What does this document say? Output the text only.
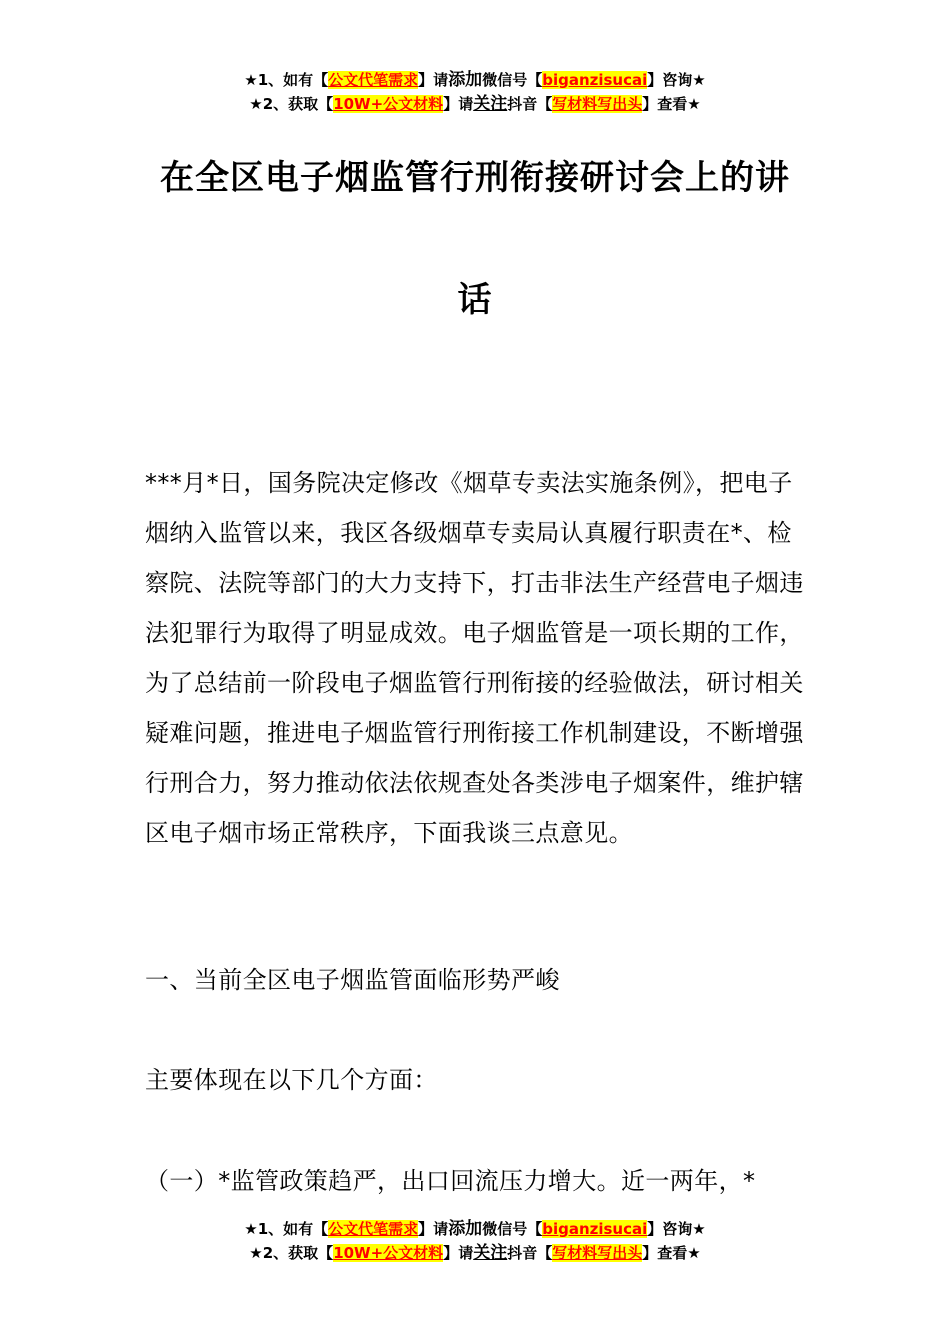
★1、如有【公文代笔需求】请添加微信号【biganzisucai】咨询★
★2、获取【10W+公文材料】请关注抖音【写材料写出头】查看★
在全区电子烟监管行刑衔接研讨会上的讲
话
***月*日，国务院决定修改《烟草专卖法实施条例》，把电子烟纳入监管以来，我区各级烟草专卖局认真履行职责在*、检察院、法院等部门的大力支持下，打击非法生产经营电子烟违法犯罪行为取得了明显成效。电子烟监管是一项长期的工作，为了总结前一阶段电子烟监管行刑衔接的经验做法，研讨相关疑难问题，推进电子烟监管行刑衔接工作机制建设，不断增强行刑合力，努力推动依法依规查处各类涉电子烟案件，维护辖区电子烟市场正常秩序，下面我谈三点意见。
一、当前全区电子烟监管面临形势严峻
主要体现在以下几个方面：
（一）*监管政策趋严，出口回流压力增大。近一两年，*
★1、如有【公文代笔需求】请添加微信号【biganzisucai】咨询★
★2、获取【10W+公文材料】请关注抖音【写材料写出头】查看★
